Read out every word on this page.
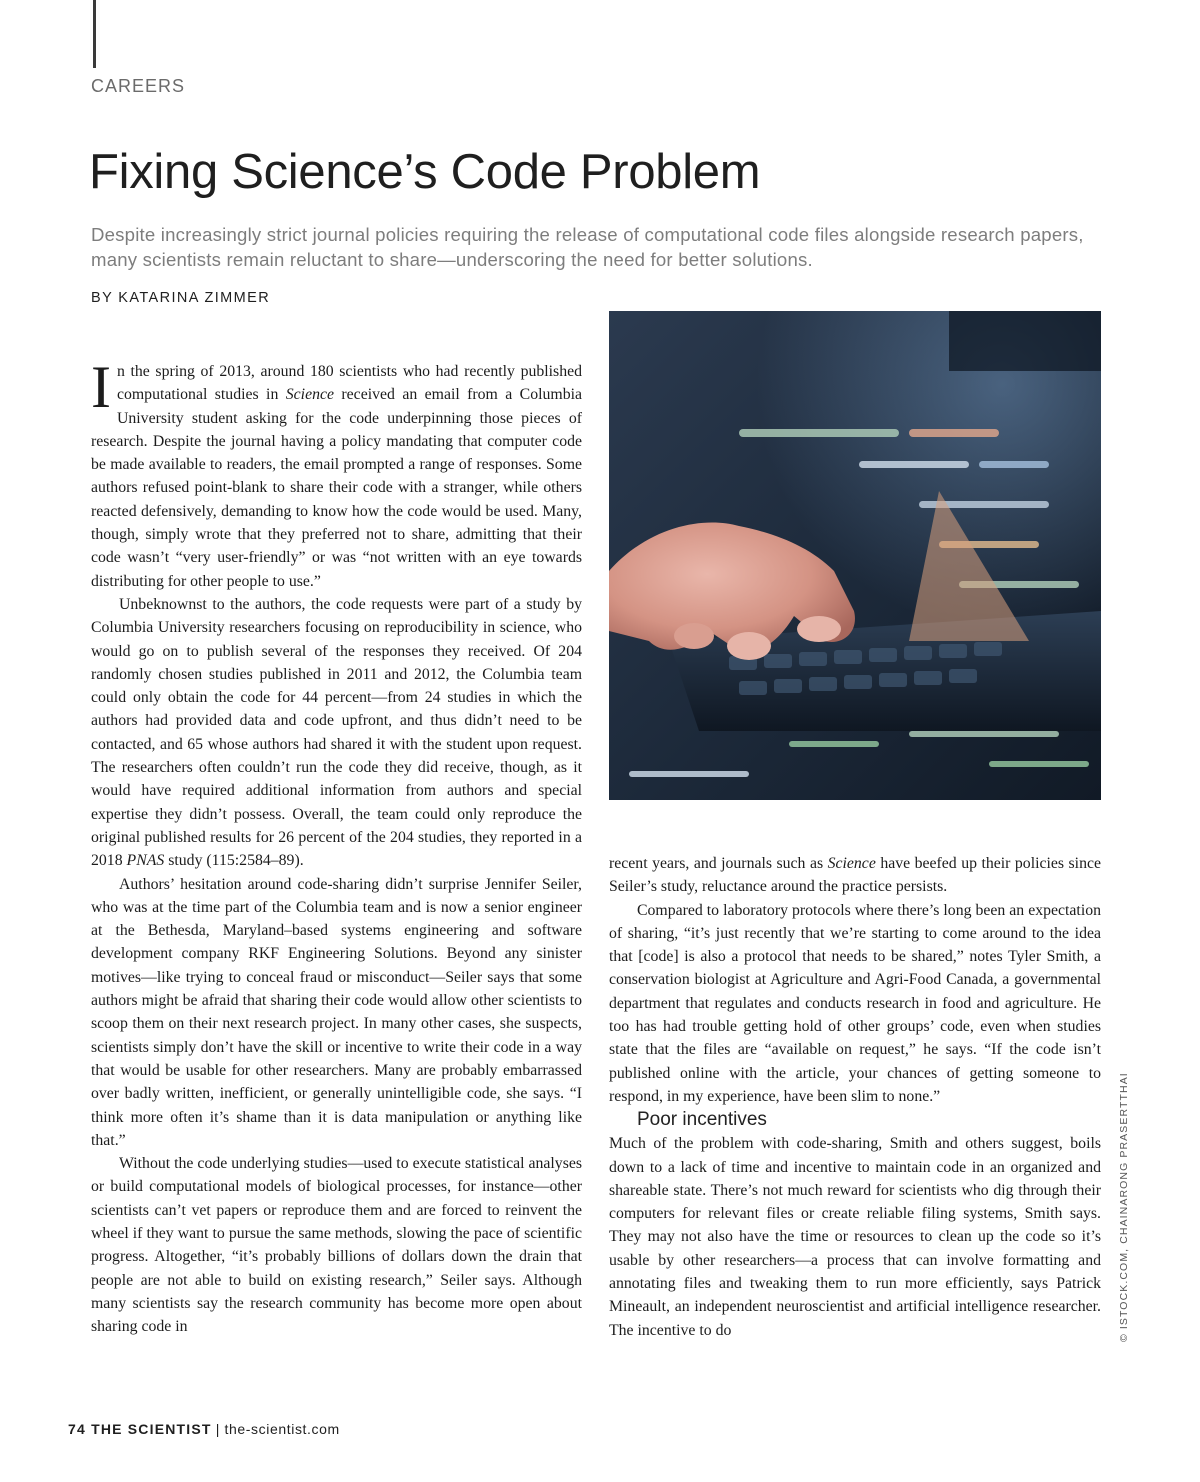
CAREERS

Fixing Science’s Code Problem

Despite increasingly strict journal policies requiring the release of computational code files alongside research papers, many scientists remain reluctant to share—underscoring the need for better solutions.

BY KATARINA ZIMMER

In the spring of 2013, around 180 scientists who had recently published computational studies in Science received an email from a Columbia University student asking for the code underpinning those pieces of research. Despite the journal having a policy mandating that computer code be made available to readers, the email prompted a range of responses. Some authors refused point-blank to share their code with a stranger, while others reacted defensively, demanding to know how the code would be used. Many, though, simply wrote that they preferred not to share, admitting that their code wasn’t “very user-friendly” or was “not written with an eye towards distributing for other people to use.”

Unbeknownst to the authors, the code requests were part of a study by Columbia University researchers focusing on reproducibility in science, who would go on to publish several of the responses they received. Of 204 randomly chosen studies published in 2011 and 2012, the Columbia team could only obtain the code for 44 percent—from 24 studies in which the authors had provided data and code upfront, and thus didn’t need to be contacted, and 65 whose authors had shared it with the student upon request. The researchers often couldn’t run the code they did receive, though, as it would have required additional information from authors and special expertise they didn’t possess. Overall, the team could only reproduce the original published results for 26 percent of the 204 studies, they reported in a 2018 PNAS study (115:2584–89).

Authors’ hesitation around code-sharing didn’t surprise Jennifer Seiler, who was at the time part of the Columbia team and is now a senior engineer at the Bethesda, Maryland–based systems engineering and software development company RKF Engineering Solutions. Beyond any sinister motives—like trying to conceal fraud or misconduct—Seiler says that some authors might be afraid that sharing their code would allow other scientists to scoop them on their next research project. In many other cases, she suspects, scientists simply don’t have the skill or incentive to write their code in a way that would be usable for other researchers. Many are probably embarrassed over badly written, inefficient, or generally unintelligible code, she says. “I think more often it’s shame than it is data manipulation or anything like that.”

Without the code underlying studies—used to execute statistical analyses or build computational models of biological processes, for instance—other scientists can’t vet papers or reproduce them and are forced to reinvent the wheel if they want to pursue the same methods, slowing the pace of scientific progress. Altogether, “it’s probably billions of dollars down the drain that people are not able to build on existing research,” Seiler says. Although many scientists say the research community has become more open about sharing code in

recent years, and journals such as Science have beefed up their policies since Seiler’s study, reluctance around the practice persists.

Compared to laboratory protocols where there’s long been an expectation of sharing, “it’s just recently that we’re starting to come around to the idea that [code] is also a protocol that needs to be shared,” notes Tyler Smith, a conservation biologist at Agriculture and Agri-Food Canada, a governmental department that regulates and conducts research in food and agriculture. He too has had trouble getting hold of other groups’ code, even when studies state that the files are “available on request,” he says. “If the code isn’t published online with the article, your chances of getting someone to respond, in my experience, have been slim to none.”

Poor incentives

Much of the problem with code-sharing, Smith and others suggest, boils down to a lack of time and incentive to maintain code in an organized and shareable state. There’s not much reward for scientists who dig through their computers for relevant files or create reliable filing systems, Smith says. They may not also have the time or resources to clean up the code so it’s usable by other researchers—a process that can involve formatting and annotating files and tweaking them to run more efficiently, says Patrick Mineault, an independent neuroscientist and artificial intelligence researcher. The incentive to do	© ISTOCK.COM, CHAINARONG PRASERTTHAI

74 THE SCIENTIST | the-scientist.com
